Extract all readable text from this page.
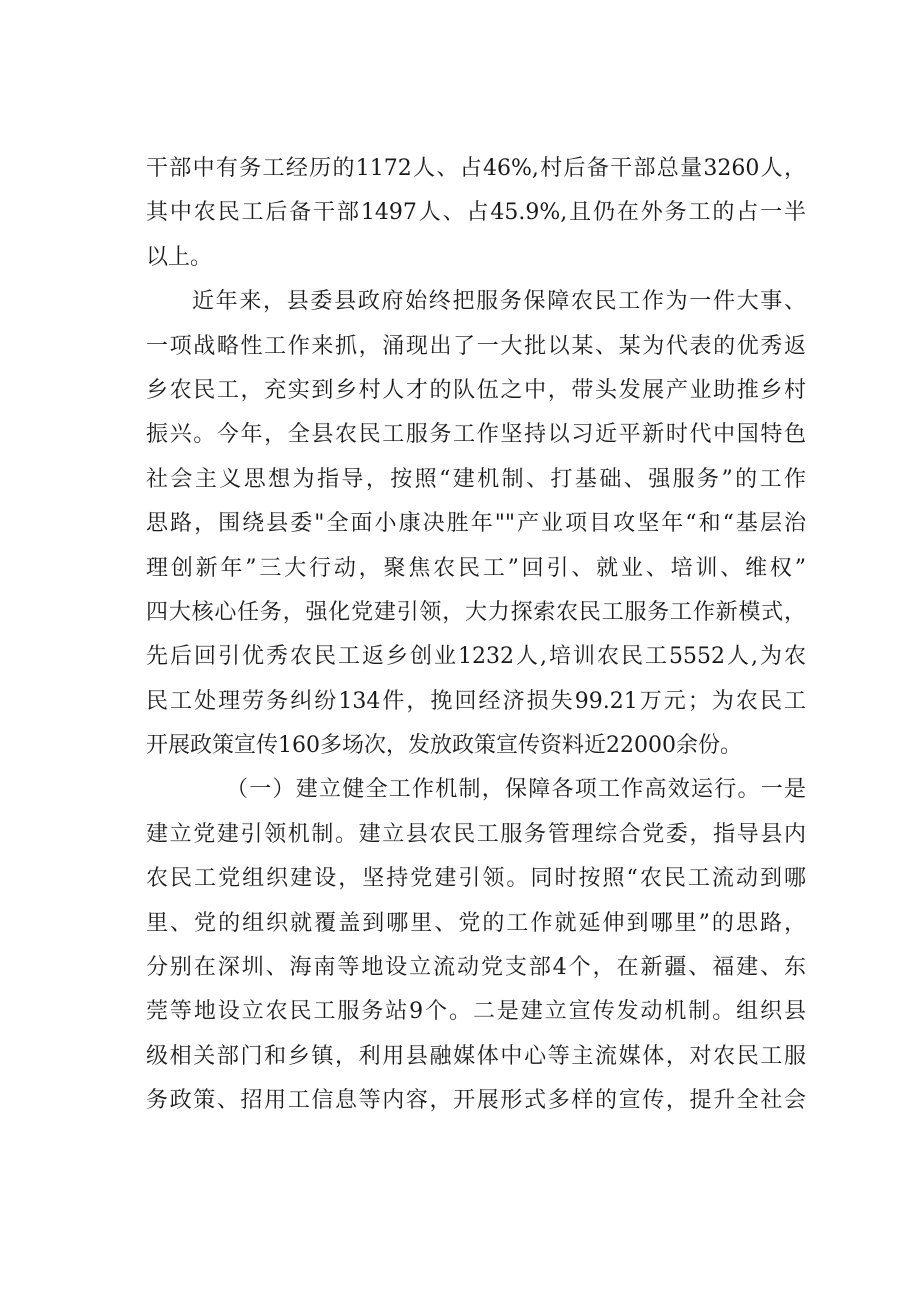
干部中有务工经历的1172人、占46%,村后备干部总量3260人，
其中农民工后备干部1497人、占45.9%,且仍在外务工的占一半
以上。
近年来，县委县政府始终把服务保障农民工作为一件大事、
一项战略性工作来抓，涌现出了一大批以某、某为代表的优秀返
乡农民工，充实到乡村人才的队伍之中，带头发展产业助推乡村
振兴。今年，全县农民工服务工作坚持以习近平新时代中国特色
社会主义思想为指导，按照“建机制、打基础、强服务”的工作
思路，围绕县委"全面小康决胜年""产业项目攻坚年“和“基层治
理创新年”三大行动，聚焦农民工”回引、就业、培训、维权”
四大核心任务，强化党建引领，大力探索农民工服务工作新模式，
先后回引优秀农民工返乡创业1232人,培训农民工5552人,为农
民工处理劳务纠纷134件，挽回经济损失99.21万元；为农民工
开展政策宣传160多场次，发放政策宣传资料近22000余份。
（一）建立健全工作机制，保障各项工作高效运行。一是
建立党建引领机制。建立县农民工服务管理综合党委，指导县内
农民工党组织建设，坚持党建引领。同时按照“农民工流动到哪
里、党的组织就覆盖到哪里、党的工作就延伸到哪里”的思路，
分别在深圳、海南等地设立流动党支部4个，在新疆、福建、东
莞等地设立农民工服务站9个。二是建立宣传发动机制。组织县
级相关部门和乡镇，利用县融媒体中心等主流媒体，对农民工服
务政策、招用工信息等内容，开展形式多样的宣传，提升全社会
